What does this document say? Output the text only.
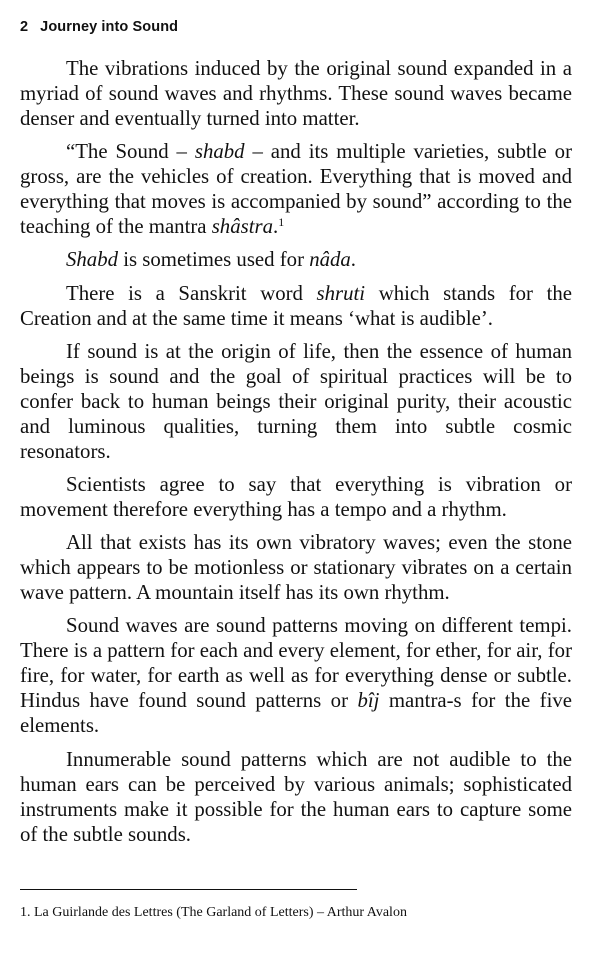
2 Journey into Sound

The vibrations induced by the original sound expanded in a myriad of sound waves and rhythms. These sound waves became denser and eventually turned into matter.

“The Sound – shabd – and its multiple varieties, subtle or gross, are the vehicles of creation. Everything that is moved and everything that moves is accompanied by sound” according to the teaching of the mantra shâstra.$^1$

Shabd is sometimes used for nâda.

There is a Sanskrit word shruti which stands for the Creation and at the same time it means ‘what is audible’.

If sound is at the origin of life, then the essence of human beings is sound and the goal of spiritual practices will be to confer back to human beings their original purity, their acoustic and luminous qualities, turning them into subtle cosmic resonators.

Scientists agree to say that everything is vibration or movement therefore everything has a tempo and a rhythm.

All that exists has its own vibratory waves; even the stone which appears to be motionless or stationary vibrates on a certain wave pattern. A mountain itself has its own rhythm.

Sound waves are sound patterns moving on different tempi. There is a pattern for each and every element, for ether, for air, for fire, for water, for earth as well as for everything dense or subtle. Hindus have found sound patterns or bîj mantra-s for the five elements.

Innumerable sound patterns which are not audible to the human ears can be perceived by various animals; sophisticated instruments make it possible for the human ears to capture some of the subtle sounds.

1. La Guirlande des Lettres (The Garland of Letters) – Arthur Avalon
